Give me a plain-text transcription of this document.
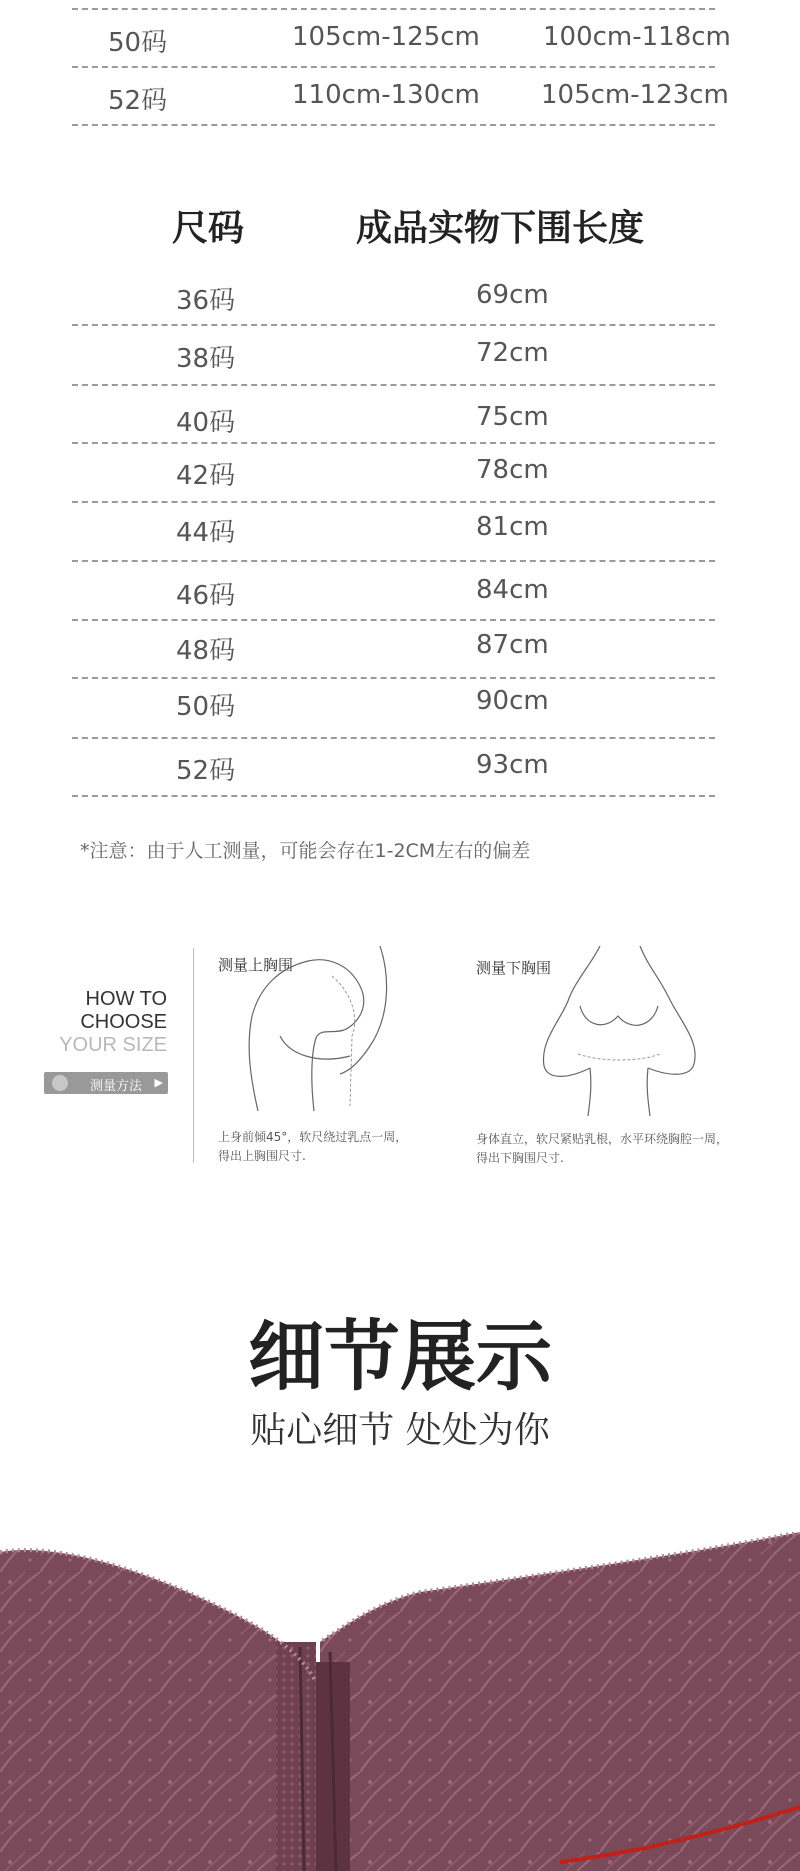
50码	105cm-125cm 100cm-118cm
52码	110cm-130cm 105cm-123cm
尺码	成品实物下围长度
36码	69cm
38码	72cm
40码	75cm
42码	78cm
44码	81cm
46码	84cm
48码	87cm
50码	90cm
52码	93cm
*注意：由于人工测量，可能会存在1-2CM左右的偏差
HOW TO
CHOOSE
YOUR SIZE
测量方法 ▶
测量上胸围
上身前倾45°，软尺绕过乳点一周，
得出上胸围尺寸.
测量下胸围
身体直立，软尺紧贴乳根，水平环绕胸腔一周，
得出下胸围尺寸.
细节展示
贴心细节 处处为你
